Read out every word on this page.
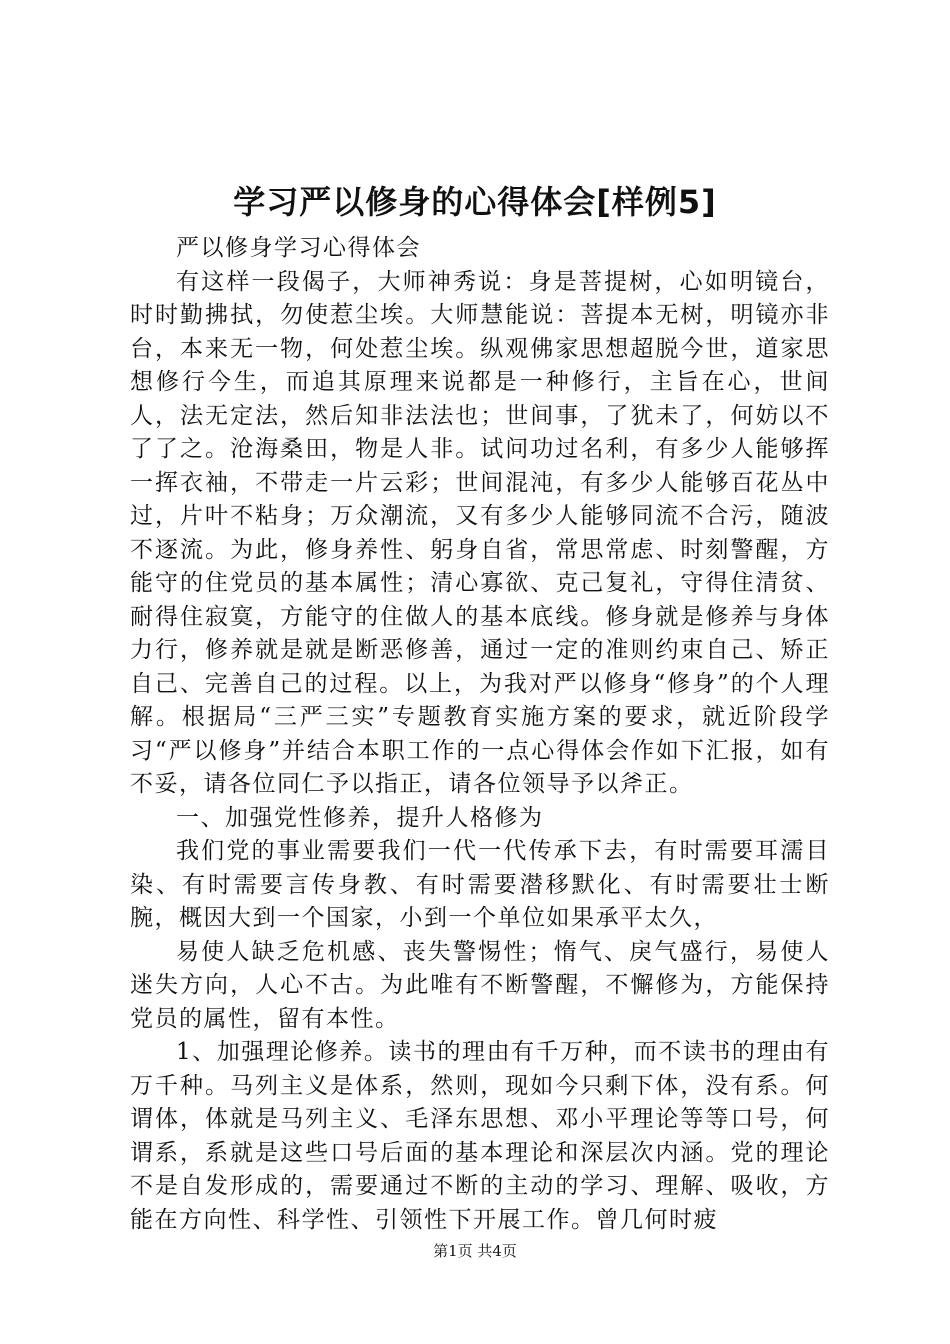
学习严以修身的心得体会[样例5]

严以修身学习心得体会

有这样一段偈子，大师神秀说：身是菩提树，心如明镜台，时时勤拂拭，勿使惹尘埃。大师慧能说：菩提本无树，明镜亦非台，本来无一物，何处惹尘埃。纵观佛家思想超脱今世，道家思想修行今生，而追其原理来说都是一种修行，主旨在心，世间人，法无定法，然后知非法法也；世间事，了犹未了，何妨以不了了之。沧海桑田，物是人非。试问功过名利，有多少人能够挥一挥衣袖，不带走一片云彩；世间混沌，有多少人能够百花丛中过，片叶不粘身；万众潮流，又有多少人能够同流不合污，随波不逐流。为此，修身养性、躬身自省，常思常虑、时刻警醒，方能守的住党员的基本属性；清心寡欲、克己复礼，守得住清贫、耐得住寂寞，方能守的住做人的基本底线。修身就是修养与身体力行，修养就是就是断恶修善，通过一定的准则约束自己、矫正自己、完善自己的过程。以上，为我对严以修身“修身”的个人理解。根据局“三严三实”专题教育实施方案的要求，就近阶段学习“严以修身”并结合本职工作的一点心得体会作如下汇报，如有不妥，请各位同仁予以指正，请各位领导予以斧正。

一、加强党性修养，提升人格修为

我们党的事业需要我们一代一代传承下去，有时需要耳濡目染、有时需要言传身教、有时需要潜移默化、有时需要壮士断腕，概因大到一个国家，小到一个单位如果承平太久，

易使人缺乏危机感、丧失警惕性；惰气、戾气盛行，易使人迷失方向，人心不古。为此唯有不断警醒，不懈修为，方能保持党员的属性，留有本性。

1、加强理论修养。读书的理由有千万种，而不读书的理由有万千种。马列主义是体系，然则，现如今只剩下体，没有系。何谓体，体就是马列主义、毛泽东思想、邓小平理论等等口号，何谓系，系就是这些口号后面的基本理论和深层次内涵。党的理论不是自发形成的，需要通过不断的主动的学习、理解、吸收，方能在方向性、科学性、引领性下开展工作。曾几何时疲

第1页 共4页
